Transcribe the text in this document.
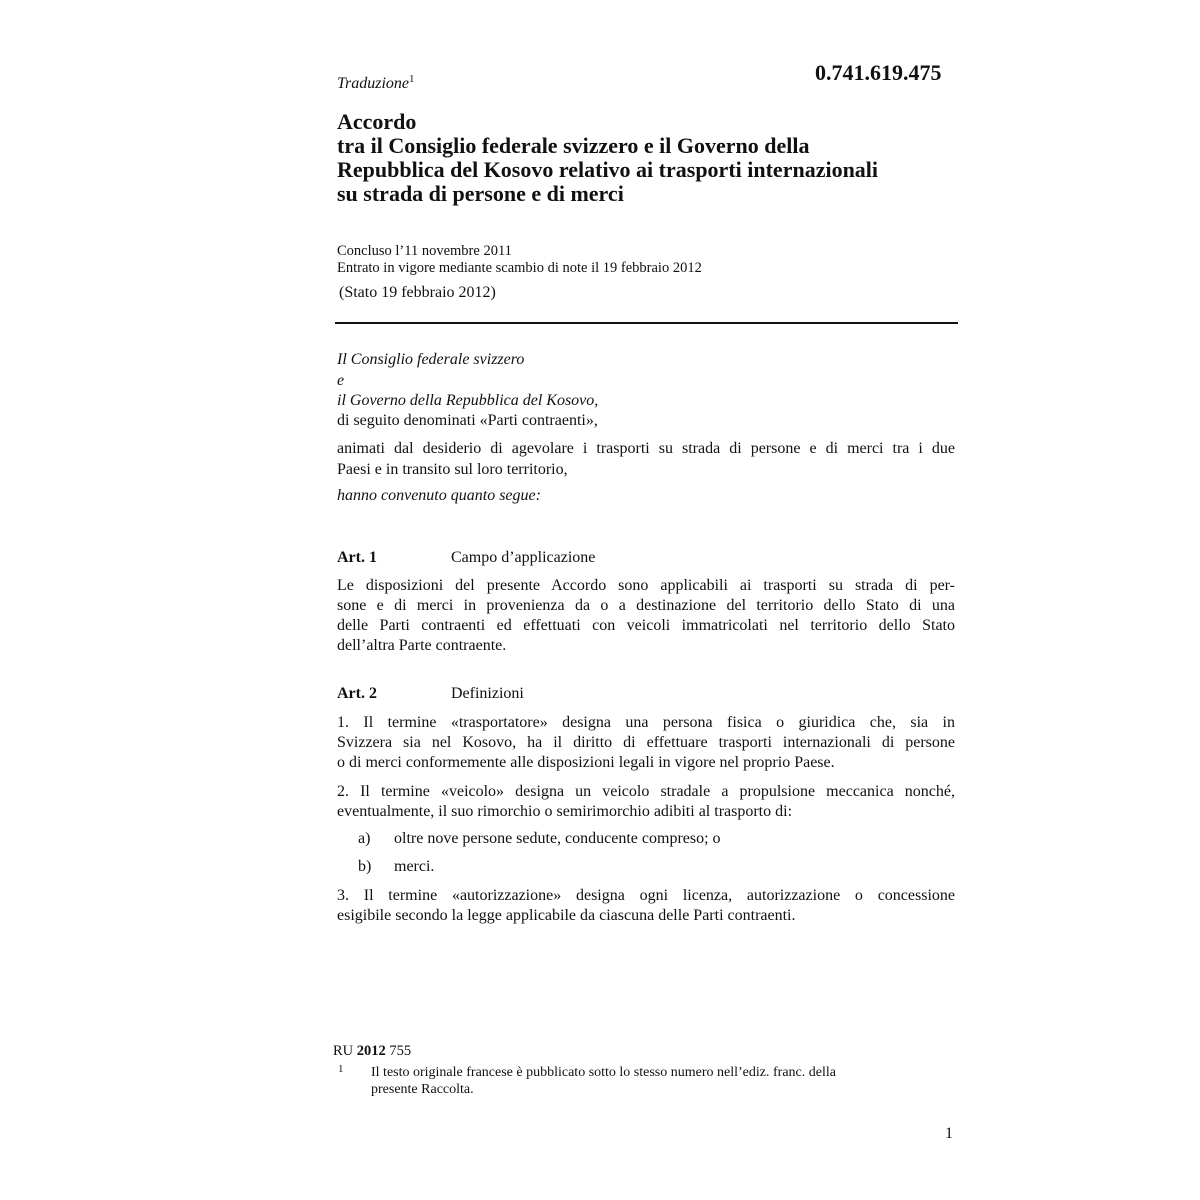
Traduzione$^1$	0.741.619.475
Accordo
tra il Consiglio federale svizzero e il Governo della
Repubblica del Kosovo relativo ai trasporti internazionali
su strada di persone e di merci
Concluso l’11 novembre 2011
Entrato in vigore mediante scambio di note il 19 febbraio 2012
(Stato 19 febbraio 2012)
Il Consiglio federale svizzero
e
il Governo della Repubblica del Kosovo,
di seguito denominati «Parti contraenti»,
animati dal desiderio di agevolare i trasporti su strada di persone e di merci tra i due
Paesi e in transito sul loro territorio,
hanno convenuto quanto segue:
Art. 1	Campo d’applicazione
Le disposizioni del presente Accordo sono applicabili ai trasporti su strada di per-
sone e di merci in provenienza da o a destinazione del territorio dello Stato di una
delle Parti contraenti ed effettuati con veicoli immatricolati nel territorio dello Stato
dell’altra Parte contraente.
Art. 2	Definizioni
1. Il termine «trasportatore» designa una persona fisica o giuridica che, sia in
Svizzera sia nel Kosovo, ha il diritto di effettuare trasporti internazionali di persone
o di merci conformemente alle disposizioni legali in vigore nel proprio Paese.
2. Il termine «veicolo» designa un veicolo stradale a propulsione meccanica nonché,
eventualmente, il suo rimorchio o semirimorchio adibiti al trasporto di:
a) oltre nove persone sedute, conducente compreso; o
b) merci.
3. Il termine «autorizzazione» designa ogni licenza, autorizzazione o concessione
esigibile secondo la legge applicabile da ciascuna delle Parti contraenti.
RU 2012 755
1 Il testo originale francese è pubblicato sotto lo stesso numero nell’ediz. franc. della
presente Raccolta.
1
